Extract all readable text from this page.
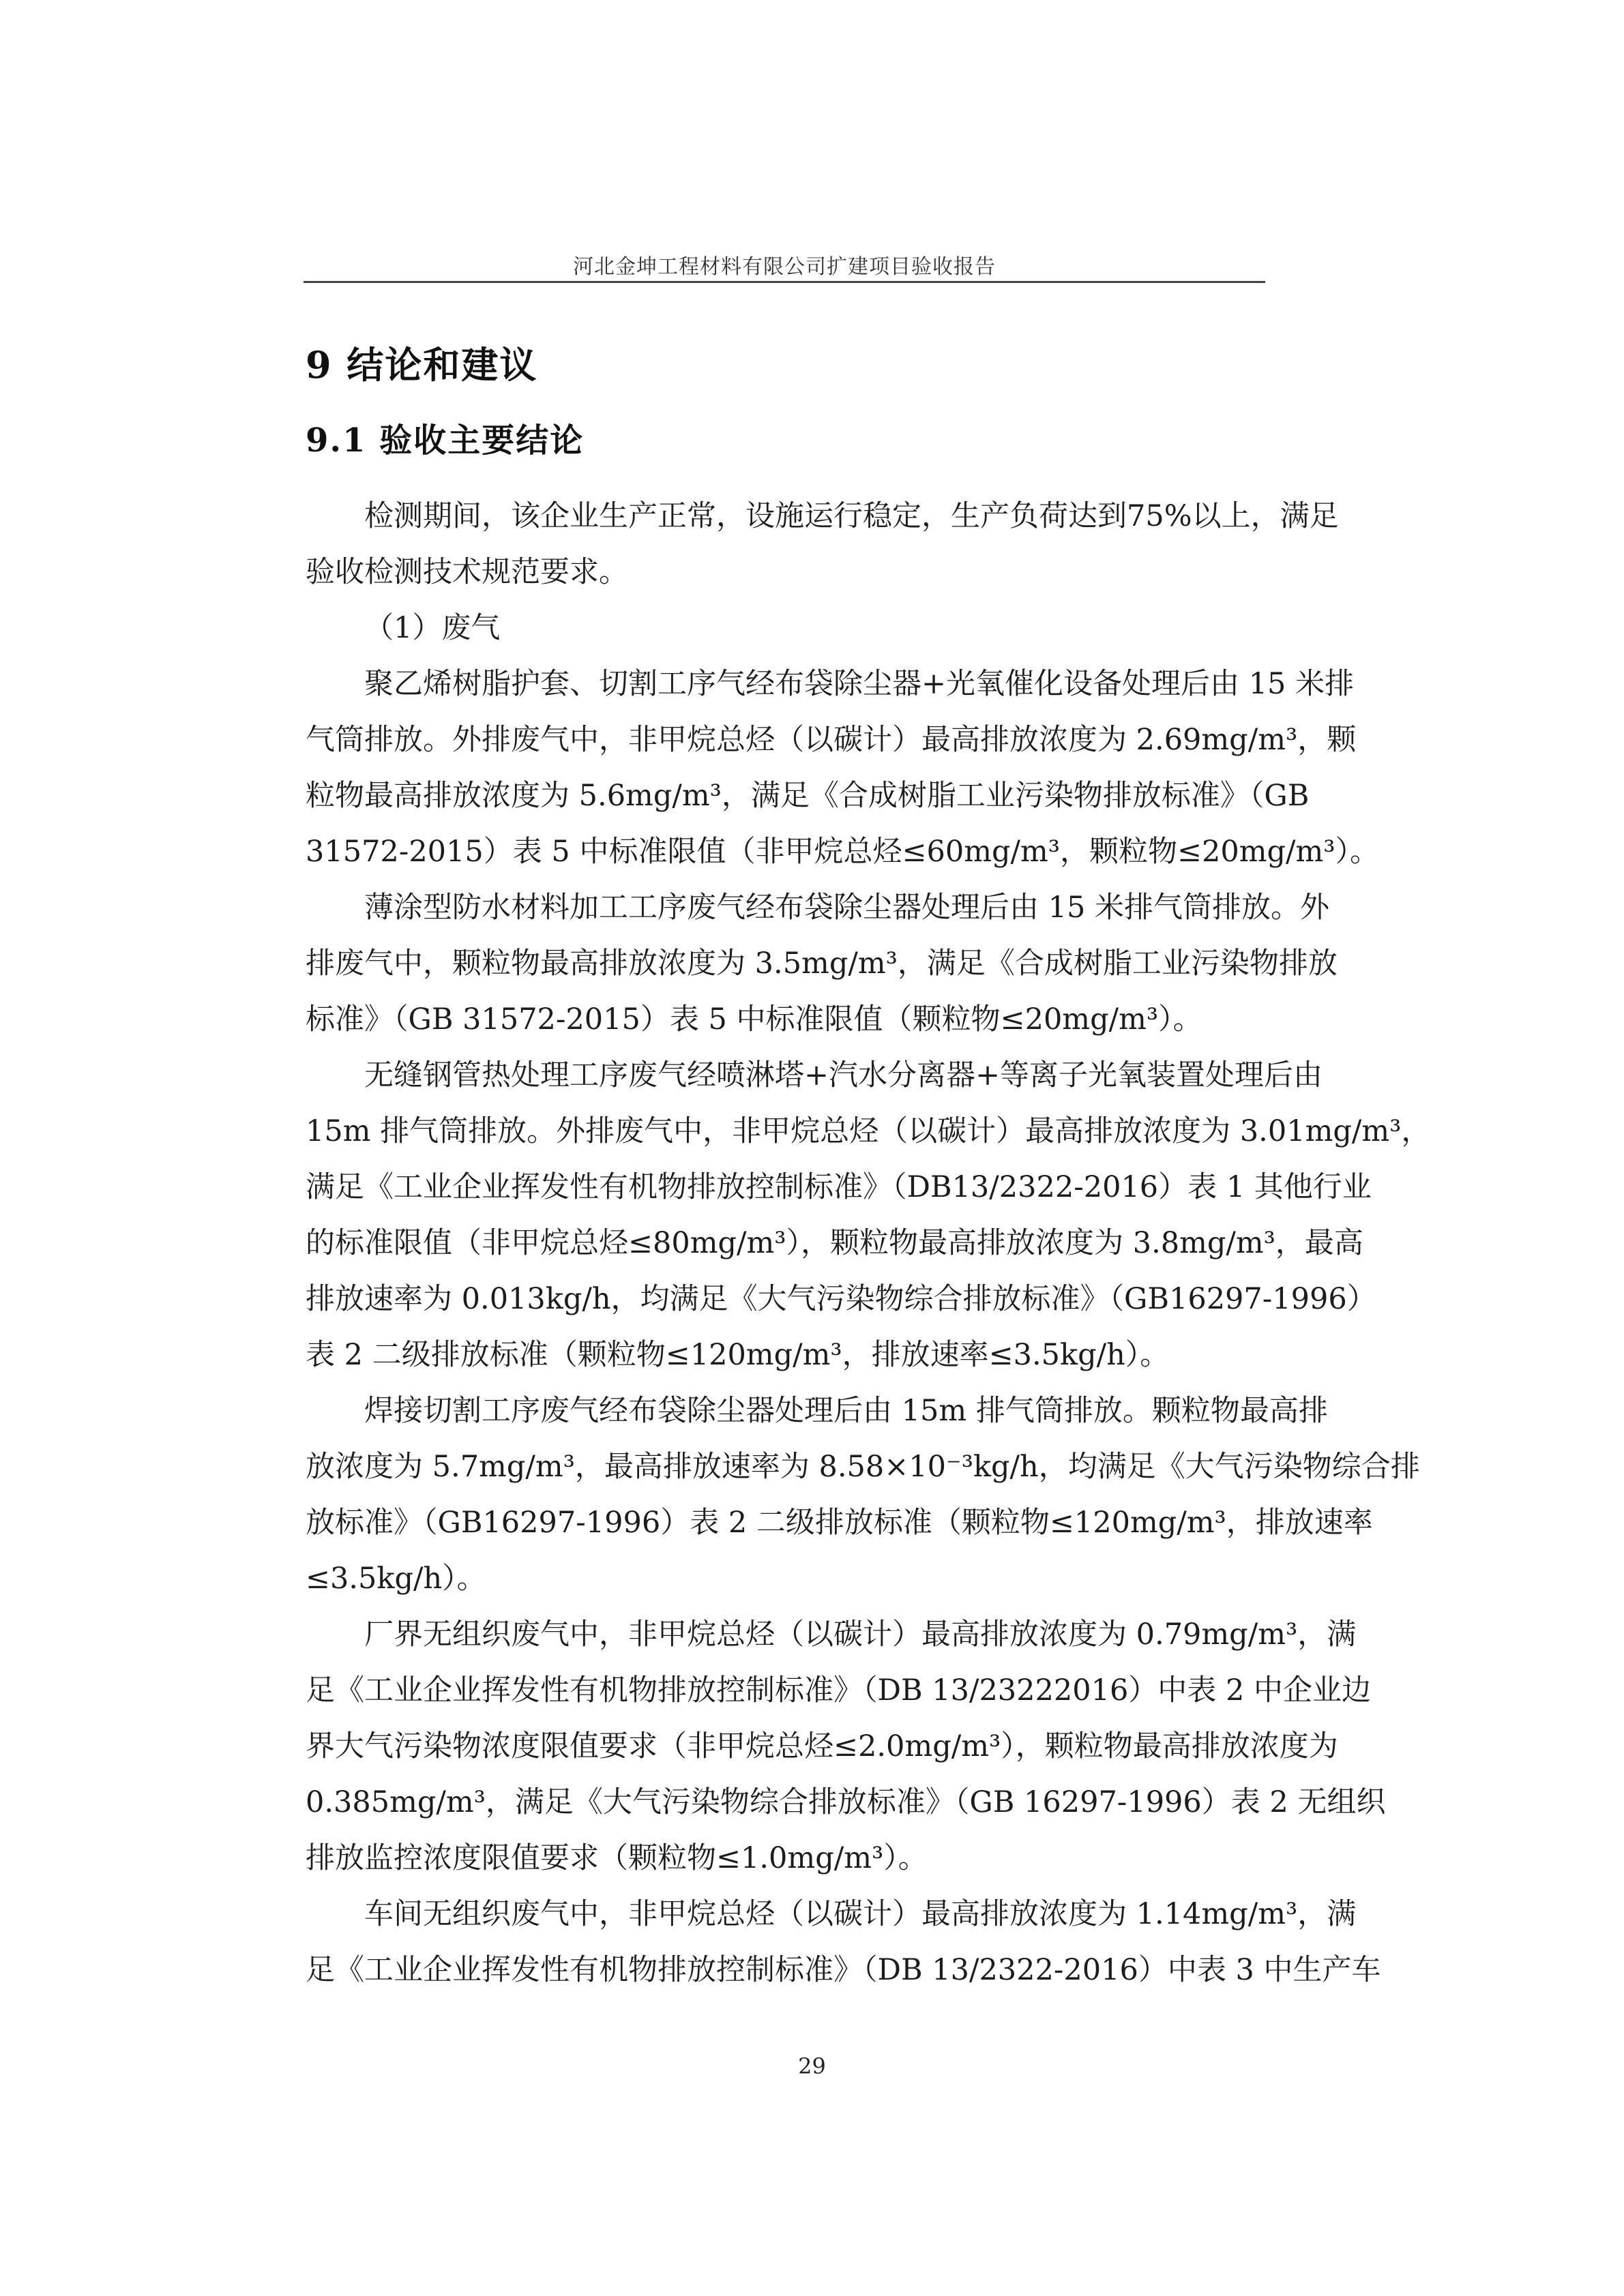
河北金坤工程材料有限公司扩建项目验收报告
9 结论和建议
9.1 验收主要结论
检测期间，该企业生产正常，设施运行稳定，生产负荷达到75%以上，满足
验收检测技术规范要求。
（1）废气
聚乙烯树脂护套、切割工序气经布袋除尘器+光氧催化设备处理后由 15 米排
气筒排放。外排废气中，非甲烷总烃（以碳计）最高排放浓度为 2.69mg/m³，颗
粒物最高排放浓度为 5.6mg/m³，满足《合成树脂工业污染物排放标准》（GB
31572-2015）表 5 中标准限值（非甲烷总烃≤60mg/m³，颗粒物≤20mg/m³）。
薄涂型防水材料加工工序废气经布袋除尘器处理后由 15 米排气筒排放。外
排废气中，颗粒物最高排放浓度为 3.5mg/m³，满足《合成树脂工业污染物排放
标准》（GB 31572-2015）表 5 中标准限值（颗粒物≤20mg/m³）。
无缝钢管热处理工序废气经喷淋塔+汽水分离器+等离子光氧装置处理后由
15m 排气筒排放。外排废气中，非甲烷总烃（以碳计）最高排放浓度为 3.01mg/m³，
满足《工业企业挥发性有机物排放控制标准》（DB13/2322-2016）表 1 其他行业
的标准限值（非甲烷总烃≤80mg/m³），颗粒物最高排放浓度为 3.8mg/m³，最高
排放速率为 0.013kg/h，均满足《大气污染物综合排放标准》（GB16297-1996）
表 2 二级排放标准（颗粒物≤120mg/m³，排放速率≤3.5kg/h）。
焊接切割工序废气经布袋除尘器处理后由 15m 排气筒排放。颗粒物最高排
放浓度为 5.7mg/m³，最高排放速率为 8.58×10⁻³kg/h，均满足《大气污染物综合排
放标准》（GB16297-1996）表 2 二级排放标准（颗粒物≤120mg/m³，排放速率
≤3.5kg/h）。
厂界无组织废气中，非甲烷总烃（以碳计）最高排放浓度为 0.79mg/m³，满
足《工业企业挥发性有机物排放控制标准》（DB 13/23222016）中表 2 中企业边
界大气污染物浓度限值要求（非甲烷总烃≤2.0mg/m³），颗粒物最高排放浓度为
0.385mg/m³，满足《大气污染物综合排放标准》（GB 16297-1996）表 2 无组织
排放监控浓度限值要求（颗粒物≤1.0mg/m³）。
车间无组织废气中，非甲烷总烃（以碳计）最高排放浓度为 1.14mg/m³，满
足《工业企业挥发性有机物排放控制标准》（DB 13/2322-2016）中表 3 中生产车
29
